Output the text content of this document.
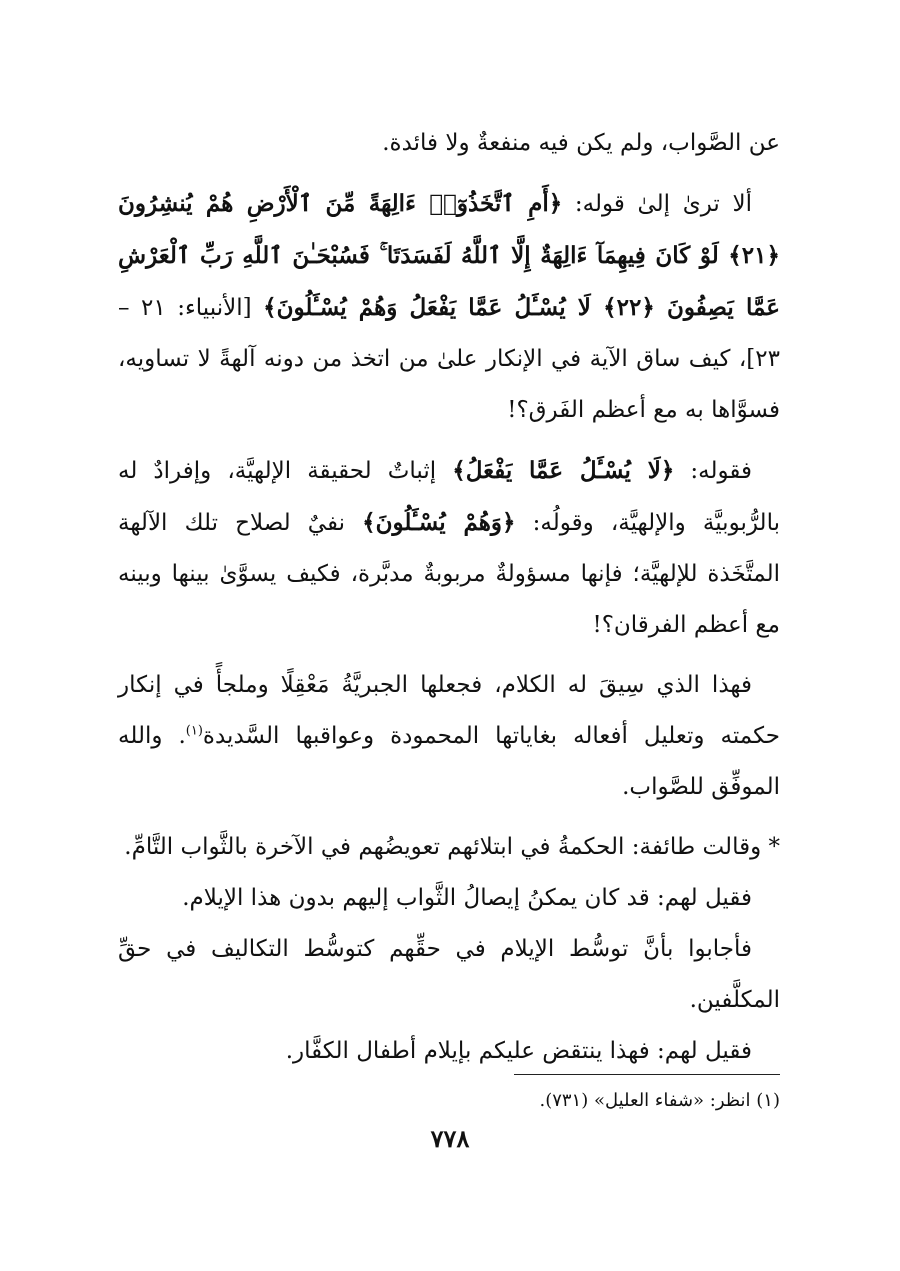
عن الصَّواب، ولم يكن فيه منفعةٌ ولا فائدة.

ألا ترىٰ إلىٰ قوله: ﴿أَمِ ٱتَّخَذُوٓا۟ ءَالِهَةً مِّنَ ٱلْأَرْضِ هُمْ يُنشِرُونَ ﴿٢١﴾ لَوْ كَانَ فِيهِمَآ ءَالِهَةٌ إِلَّا ٱللَّهُ لَفَسَدَتَا ۚ فَسُبْحَـٰنَ ٱللَّهِ رَبِّ ٱلْعَرْشِ عَمَّا يَصِفُونَ ﴿٢٢﴾ لَا يُسْـَٔلُ عَمَّا يَفْعَلُ وَهُمْ يُسْـَٔلُونَ﴾ [الأنبياء: ٢١ – ٢٣]، كيف ساق الآية في الإنكار علىٰ من اتخذ من دونه آلهةً لا تساويه، فسوَّاها به مع أعظم الفَرق؟!

فقوله: ﴿لَا يُسْـَٔلُ عَمَّا يَفْعَلُ﴾ إثباتٌ لحقيقة الإلهيَّة، وإفرادٌ له بالرُّبوبيَّة والإلهيَّة، وقولُه: ﴿وَهُمْ يُسْـَٔلُونَ﴾ نفيٌ لصلاح تلك الآلهة المتَّخَذة للإلهيَّة؛ فإنها مسؤولةٌ مربوبةٌ مدبَّرة، فكيف يسوَّىٰ بينها وبينه مع أعظم الفرقان؟!

فهذا الذي سِيقَ له الكلام، فجعلها الجبريَّةُ مَعْقِلًا وملجأً في إنكار حكمته وتعليل أفعاله بغاياتها المحمودة وعواقبها السَّديدة$^{(١)}$. والله الموفِّق للصَّواب.

* وقالت طائفة: الحكمةُ في ابتلائهم تعويضُهم في الآخرة بالثَّواب التَّامِّ.

فقيل لهم: قد كان يمكنُ إيصالُ الثَّواب إليهم بدون هذا الإيلام.

فأجابوا بأنَّ توسُّط الإيلام في حقِّهم كتوسُّط التكاليف في حقِّ المكلَّفين.

فقيل لهم: فهذا ينتقض عليكم بإيلام أطفال الكفَّار.

(١) انظر: «شفاء العليل» (٧٣١).

٧٧٨
